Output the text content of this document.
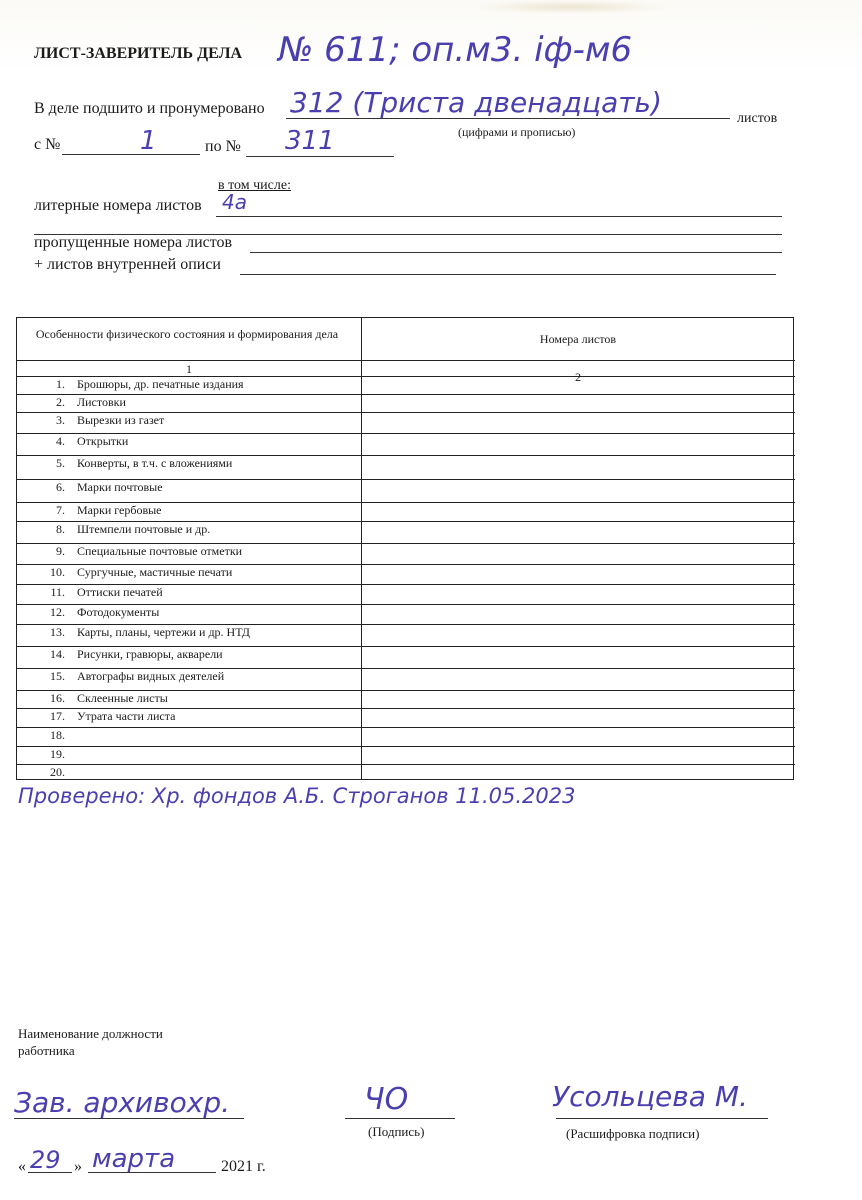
ЛИСТ-ЗАВЕРИТЕЛЬ ДЕЛА № 611; оп.м3. іф-м6
В деле подшито и пронумеровано 312 (Триста двенадцать)	листов
(цифрами и прописью)
с №	1	по № 311
в том числе:
литерные номера листов 4а
пропущенные номера листов
+ листов внутренней описи
Особенности физического состояния и формирования дела	Номера листов
1
2
1. Брошюры, др. печатные издания
2. Листовки
3. Вырезки из газет
4. Открытки
5. Конверты, в т.ч. с вложениями
6. Марки почтовые
7. Марки гербовые
8. Штемпели почтовые и др.
9. Специальные почтовые отметки
10. Сургучные, мастичные печати
11. Оттиски печатей
12. Фотодокументы
13. Карты, планы, чертежи и др. НТД
14. Рисунки, гравюры, акварели
15. Автографы видных деятелей
16. Склеенные листы
17. Утрата части листа
18.
19.
20.
Проверено: Хр. фондов А.Б. Строганов 11.05.2023
Наименование должности
работника
Зав. архивохр.	ЧО
(Подпись)
Усольцева М.
(Расшифровка подписи)
« 29 » марта	2021 г.
